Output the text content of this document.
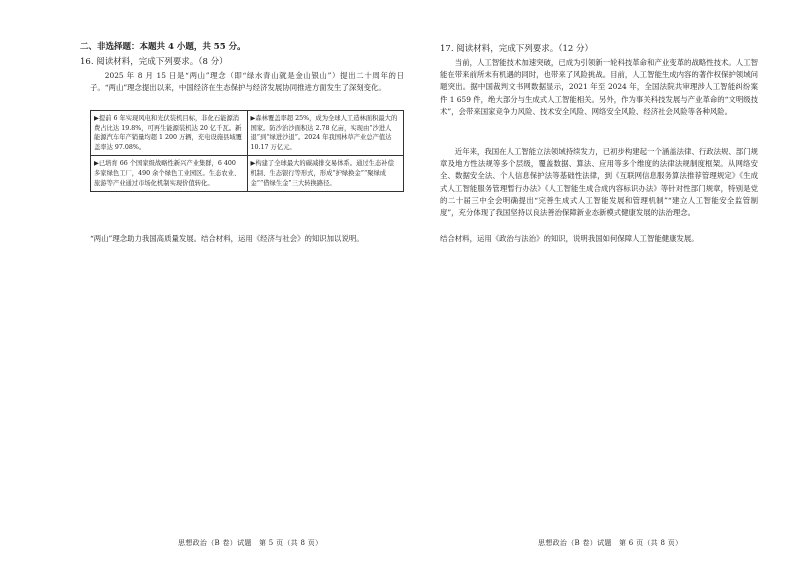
二、非选择题：本题共 4 小题，共 55 分。
16. 阅读材料，完成下列要求。（8 分）
2025 年 8 月 15 日是“两山”理念（即“绿水青山就是金山银山”）提出二十周年的日子。“两山”理念提出以来，中国经济在生态保护与经济发展协同推进方面发生了深刻变化。
▶提前 6 年实现风电和光伏装机目标，非化石能源消费占比达 19.8%，可再生能源装机达 20 亿千瓦。新能源汽车年产销量均超 1 200 万辆，充电设施县域覆盖率达 97.08%。	▶森林覆盖率超 25%，成为全球人工造林面积最大的国家。防沙治沙面积达 2.78 亿亩，实现由“沙进人退”到“绿进沙退”。2024 年我国林草产业总产值达 10.17 万亿元。
▶已培育 66 个国家级战略性新兴产业集群，6 400 多家绿色工厂，490 余个绿色工业园区。生态农业、旅游等产业通过市场化机制实现价值转化。	▶构建了全球最大的碳减排交易体系。通过生态补偿机制、生态银行等形式，形成“护绿换金”“聚绿成金”“借绿生金”三大转换路径。
“两山”理念助力我国高质量发展。结合材料，运用《经济与社会》的知识加以说明。
思想政治（B 卷）试题　第 5 页（共 8 页）
17. 阅读材料，完成下列要求。（12 分）
当前，人工智能技术加速突破，已成为引领新一轮科技革命和产业变革的战略性技术。人工智能在带来前所未有机遇的同时，也带来了风险挑战。目前，人工智能生成内容的著作权保护领域问题突出。据中国裁判文书网数据显示，2021 年至 2024 年，全国法院共审理涉人工智能纠纷案件 1 659 件，绝大部分与生成式人工智能相关。另外，作为事关科技发展与产业革命的“文明级技术”，会带来国家竞争力风险、技术安全风险、网络安全风险、经济社会风险等各种风险。
近年来，我国在人工智能立法领域持续发力，已初步构建起一个涵盖法律、行政法规、部门规章及地方性法规等多个层级，覆盖数据、算法、应用等多个维度的法律法规制度框架。从网络安全、数据安全法、个人信息保护法等基础性法律，到《互联网信息服务算法推荐管理规定》《生成式人工智能服务管理暂行办法》《人工智能生成合成内容标识办法》等针对性部门规章，特别是党的二十届三中全会明确提出“完善生成式人工智能发展和管理机制”“建立人工智能安全监管制度”，充分体现了我国坚持以良法善治保障新业态新模式健康发展的法治理念。
结合材料，运用《政治与法治》的知识，说明我国如何保障人工智能健康发展。
思想政治（B 卷）试题　第 6 页（共 8 页）
